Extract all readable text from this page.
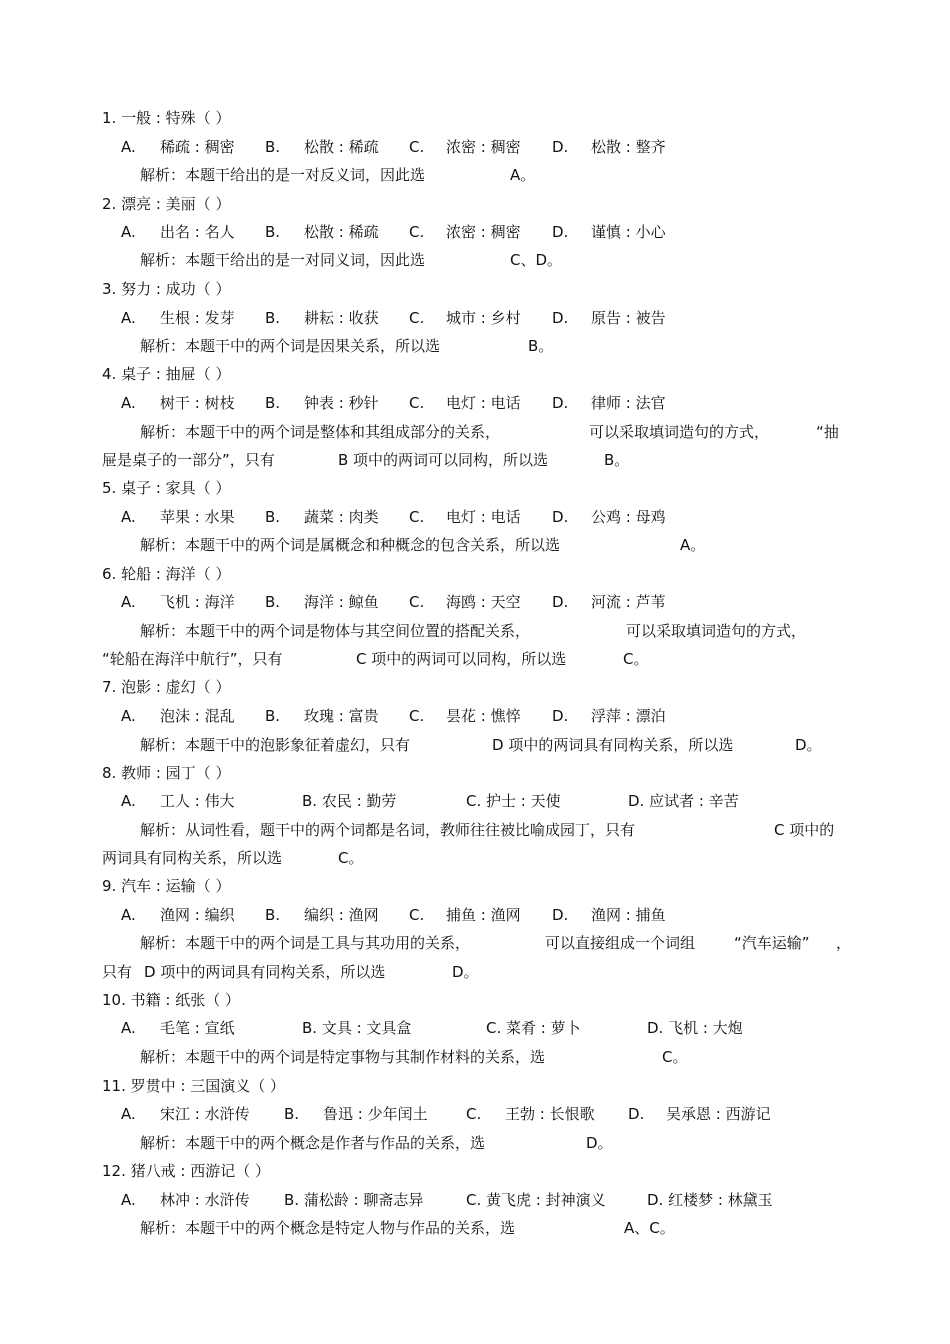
1. 一般 : 特殊（ ）
A. 稀疏 : 稠密 B. 松散 : 稀疏 C. 浓密 : 稠密 D. 松散 : 整齐
解析：本题干给出的是一对反义词，因此选	A。
2. 漂亮 : 美丽（ ）
A. 出名 : 名人 B. 松散 : 稀疏 C. 浓密 : 稠密 D. 谨慎 : 小心
解析：本题干给出的是一对同义词，因此选	C、D。
3. 努力 : 成功（ ）
A. 生根 : 发芽 B. 耕耘 : 收获 C. 城市 : 乡村 D. 原告 : 被告
解析：本题干中的两个词是因果关系，所以选	B。
4. 桌子 : 抽屉（ ）
A. 树干 : 树枝 B. 钟表 : 秒针 C. 电灯 : 电话 D. 律师 : 法官
解析：本题干中的两个词是整体和其组成部分的关系，	可以采取填词造句的方式，	“抽
屉是桌子的一部分”，只有	B 项中的两词可以同构，所以选	B。
5. 桌子 : 家具（ ）
A. 苹果 : 水果 B. 蔬菜 : 肉类 C. 电灯 : 电话 D. 公鸡 : 母鸡
解析：本题干中的两个词是属概念和种概念的包含关系，所以选	A。
6. 轮船 : 海洋（ ）
A. 飞机 : 海洋 B. 海洋 : 鲸鱼 C. 海鸥 : 天空 D. 河流 : 芦苇
解析：本题干中的两个词是物体与其空间位置的搭配关系，	可以采取填词造句的方式，
“轮船在海洋中航行”，只有	C 项中的两词可以同构，所以选	C。
7. 泡影 : 虚幻（ ）
A. 泡沫 : 混乱 B. 玫瑰 : 富贵 C. 昙花 : 憔悴 D. 浮萍 : 漂泊
解析：本题干中的泡影象征着虚幻，只有	D 项中的两词具有同构关系，所以选	D。
8. 教师 : 园丁（ ）
A. 工人 : 伟大	B. 农民 : 勤劳	C. 护士 : 天使	D. 应试者 : 辛苦
解析：从词性看，题干中的两个词都是名词，教师往往被比喻成园丁，只有	C 项中的
两词具有同构关系，所以选	C。
9. 汽车 : 运输（ ）
A. 渔网 : 编织 B. 编织 : 渔网 C. 捕鱼 : 渔网 D. 渔网 : 捕鱼
解析：本题干中的两个词是工具与其功用的关系，	可以直接组成一个词组	“汽车运输” ，
只有 D 项中的两词具有同构关系，所以选	D。
10. 书籍 : 纸张（ ）
A. 毛笔 : 宣纸	B. 文具 : 文具盒	C. 菜肴 : 萝卜	D. 飞机 : 大炮
解析：本题干中的两个词是特定事物与其制作材料的关系，选	C。
11. 罗贯中 : 三国演义（ ）
A. 宋江 : 水浒传 B. 鲁迅 : 少年闰土	C. 王勃 : 长恨歌 D. 吴承恩 : 西游记
解析：本题干中的两个概念是作者与作品的关系，选	D。
12. 猪八戒 : 西游记（ ）
A. 林冲 : 水浒传 B. 蒲松龄 : 聊斋志异	C. 黄飞虎 : 封神演义	D. 红楼梦 : 林黛玉
解析：本题干中的两个概念是特定人物与作品的关系，选	A、C。
